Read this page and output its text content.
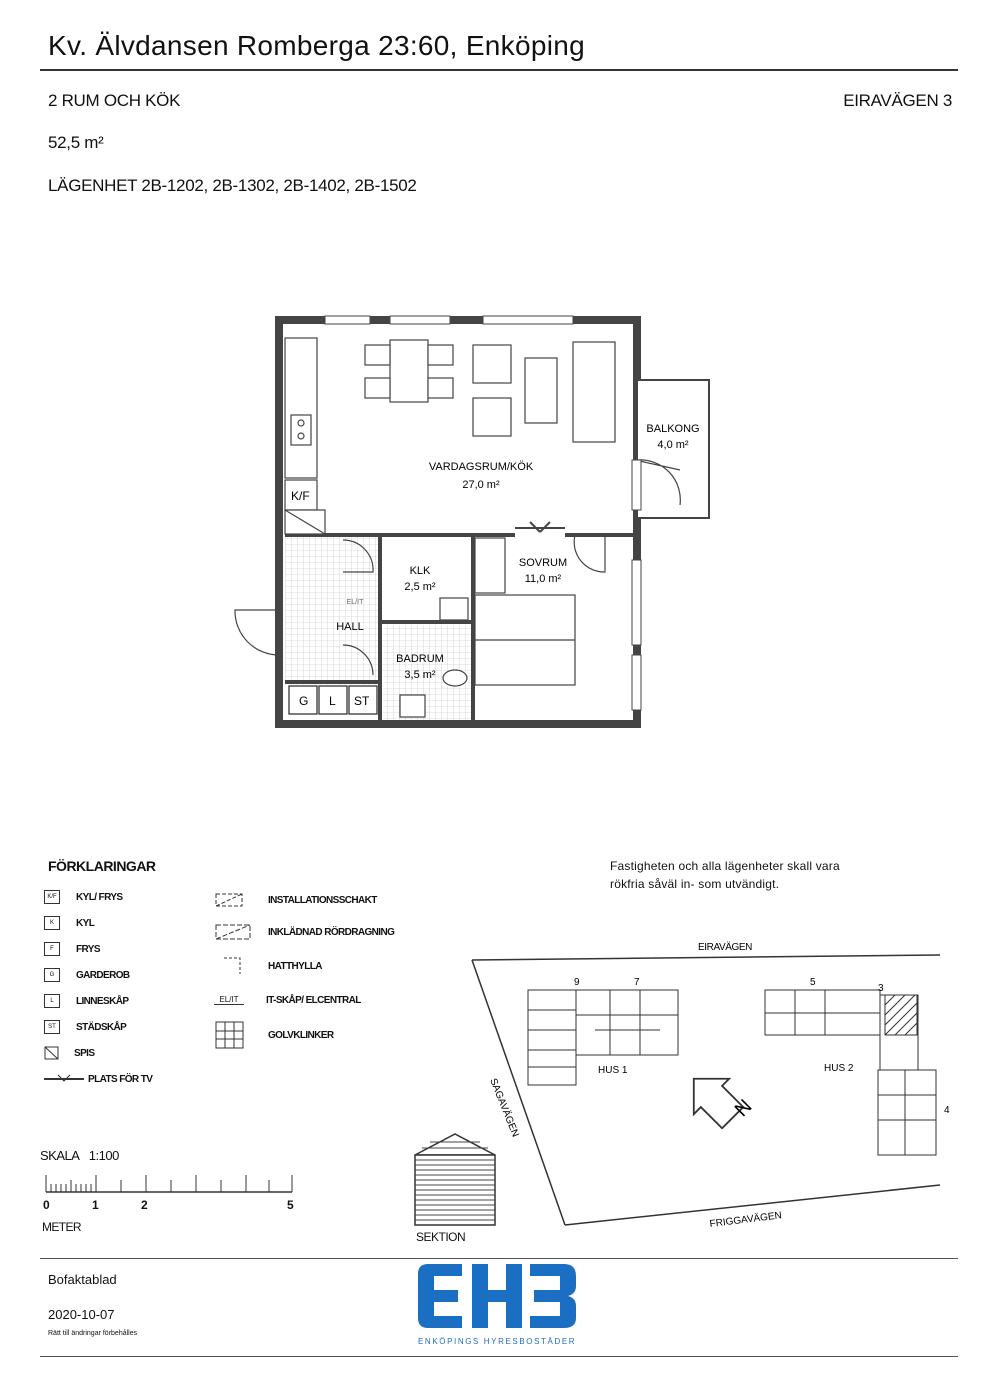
Kv. Älvdansen Romberga 23:60, Enköping
2 RUM OCH KÖK	EIRAVÄGEN 3
52,5 m²
LÄGENHET 2B-1202, 2B-1302, 2B-1402, 2B-1502
K/F
G L ST
VARDAGSRUM/KÖK
27,0 m²
BALKONG
4,0 m²
SOVRUM
11,0 m²
KLK
2,5 m²
BADRUM
3,5 m²
HALL
EL/IT
FÖRKLARINGAR
K/F	KYL/ FRYS
K	KYL
F	FRYS
G	GARDEROB
L	LINNESKÅP
ST	STÄDSKÅP
SPIS
PLATS FÖR TV
INSTALLATIONSSCHAKT
INKLÄDNAD RÖRDRAGNING
HATTHYLLA
EL/IT	IT-SKÅP/ ELCENTRAL
GOLVKLINKER
SKALA 1:100
0	1	2	5
METER
SEKTION
Fastigheten och alla lägenheter skall vara
rökfria såväl in- som utvändigt.
EIRAVÄGEN
SAGAVÄGEN
FRIGGAVÄGEN
HUS 1	HUS 2
9	7	5
3
4
N
Bofaktablad
2020-10-07
Rätt till ändringar förbehålles
ENKÖPINGS HYRESBOSTÄDER
